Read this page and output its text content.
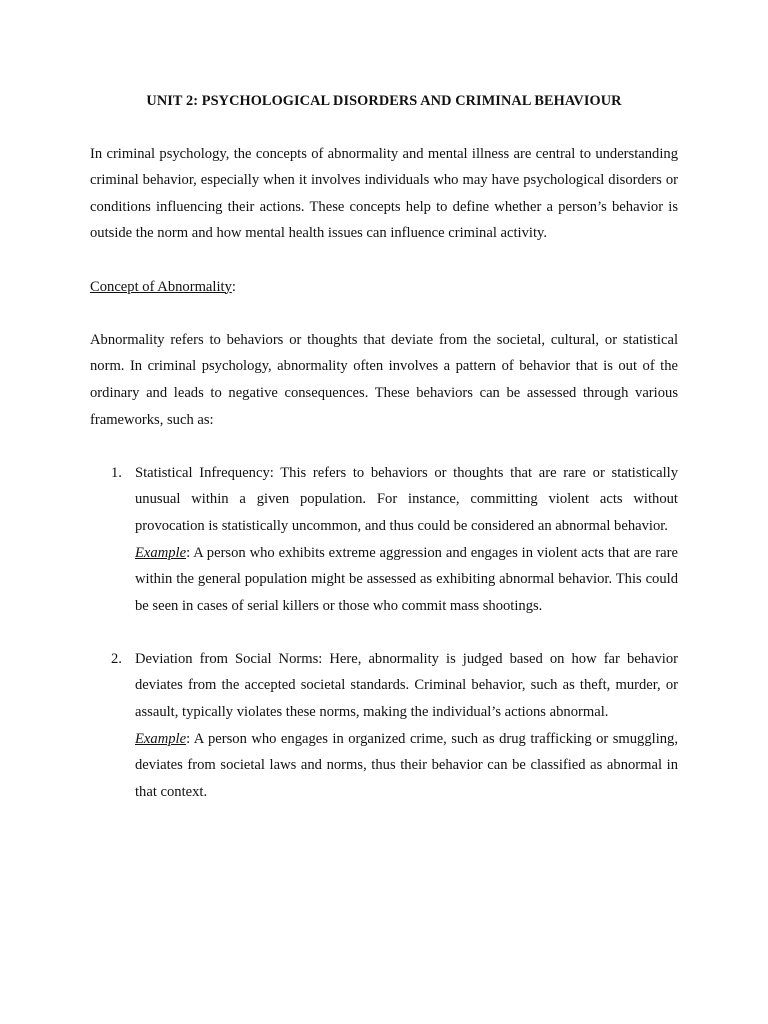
UNIT 2: PSYCHOLOGICAL DISORDERS AND CRIMINAL BEHAVIOUR

In criminal psychology, the concepts of abnormality and mental illness are central to understanding criminal behavior, especially when it involves individuals who may have psychological disorders or conditions influencing their actions. These concepts help to define whether a person’s behavior is outside the norm and how mental health issues can influence criminal activity.

Concept of Abnormality:

Abnormality refers to behaviors or thoughts that deviate from the societal, cultural, or statistical norm. In criminal psychology, abnormality often involves a pattern of behavior that is out of the ordinary and leads to negative consequences. These behaviors can be assessed through various frameworks, such as:

1. Statistical Infrequency: This refers to behaviors or thoughts that are rare or statistically unusual within a given population. For instance, committing violent acts without provocation is statistically uncommon, and thus could be considered an abnormal behavior.
Example: A person who exhibits extreme aggression and engages in violent acts that are rare within the general population might be assessed as exhibiting abnormal behavior. This could be seen in cases of serial killers or those who commit mass shootings.
2. Deviation from Social Norms: Here, abnormality is judged based on how far behavior deviates from the accepted societal standards. Criminal behavior, such as theft, murder, or assault, typically violates these norms, making the individual’s actions abnormal.
Example: A person who engages in organized crime, such as drug trafficking or smuggling, deviates from societal laws and norms, thus their behavior can be classified as abnormal in that context.
